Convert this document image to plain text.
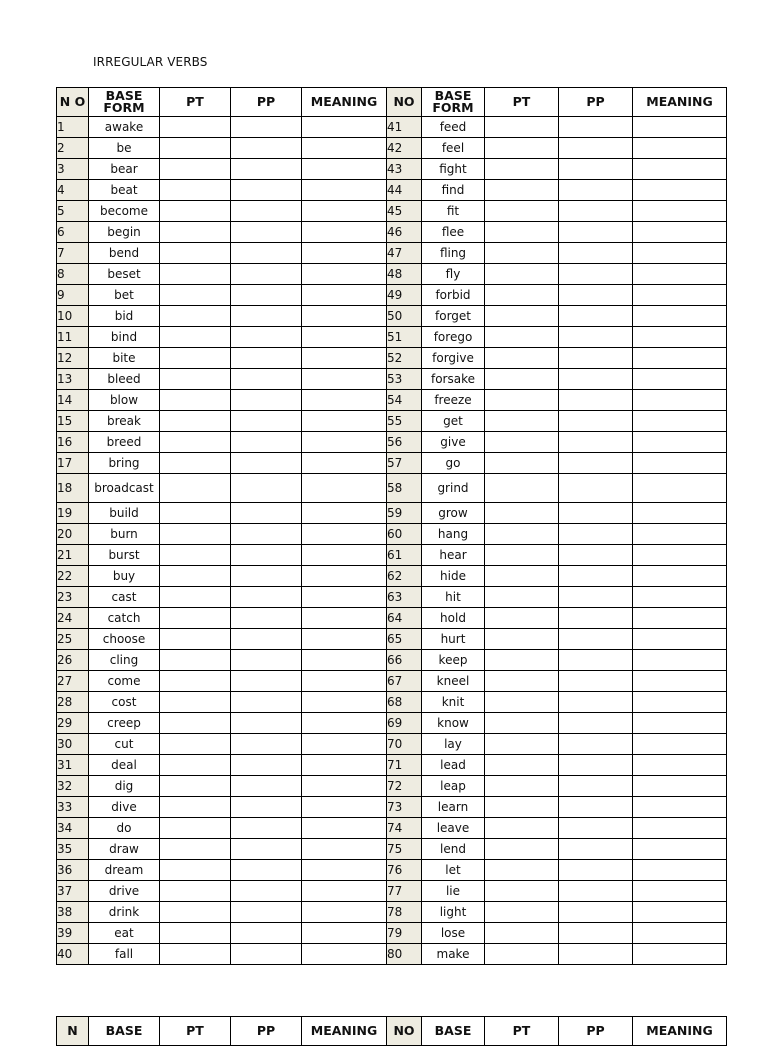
IRREGULAR VERBS
N O	BASE FORM	PT	PP	MEANING	NO	BASE FORM	PT	PP	MEANING
1	awake				41	feed			
2	be				42	feel			
3	bear				43	fight			
4	beat				44	find			
5	become				45	fit			
6	begin				46	flee			
7	bend				47	fling			
8	beset				48	fly			
9	bet				49	forbid			
10	bid				50	forget			
11	bind				51	forego			
12	bite				52	forgive			
13	bleed				53	forsake			
14	blow				54	freeze			
15	break				55	get			
16	breed				56	give			
17	bring				57	go			
18	broadcast				58	grind			
19	build				59	grow			
20	burn				60	hang			
21	burst				61	hear			
22	buy				62	hide			
23	cast				63	hit			
24	catch				64	hold			
25	choose				65	hurt			
26	cling				66	keep			
27	come				67	kneel			
28	cost				68	knit			
29	creep				69	know			
30	cut				70	lay			
31	deal				71	lead			
32	dig				72	leap			
33	dive				73	learn			
34	do				74	leave			
35	draw				75	lend			
36	dream				76	let			
37	drive				77	lie			
38	drink				78	light			
39	eat				79	lose			
40	fall				80	make			
N	BASE	PT	PP	MEANING	NO	BASE	PT	PP	MEANING
